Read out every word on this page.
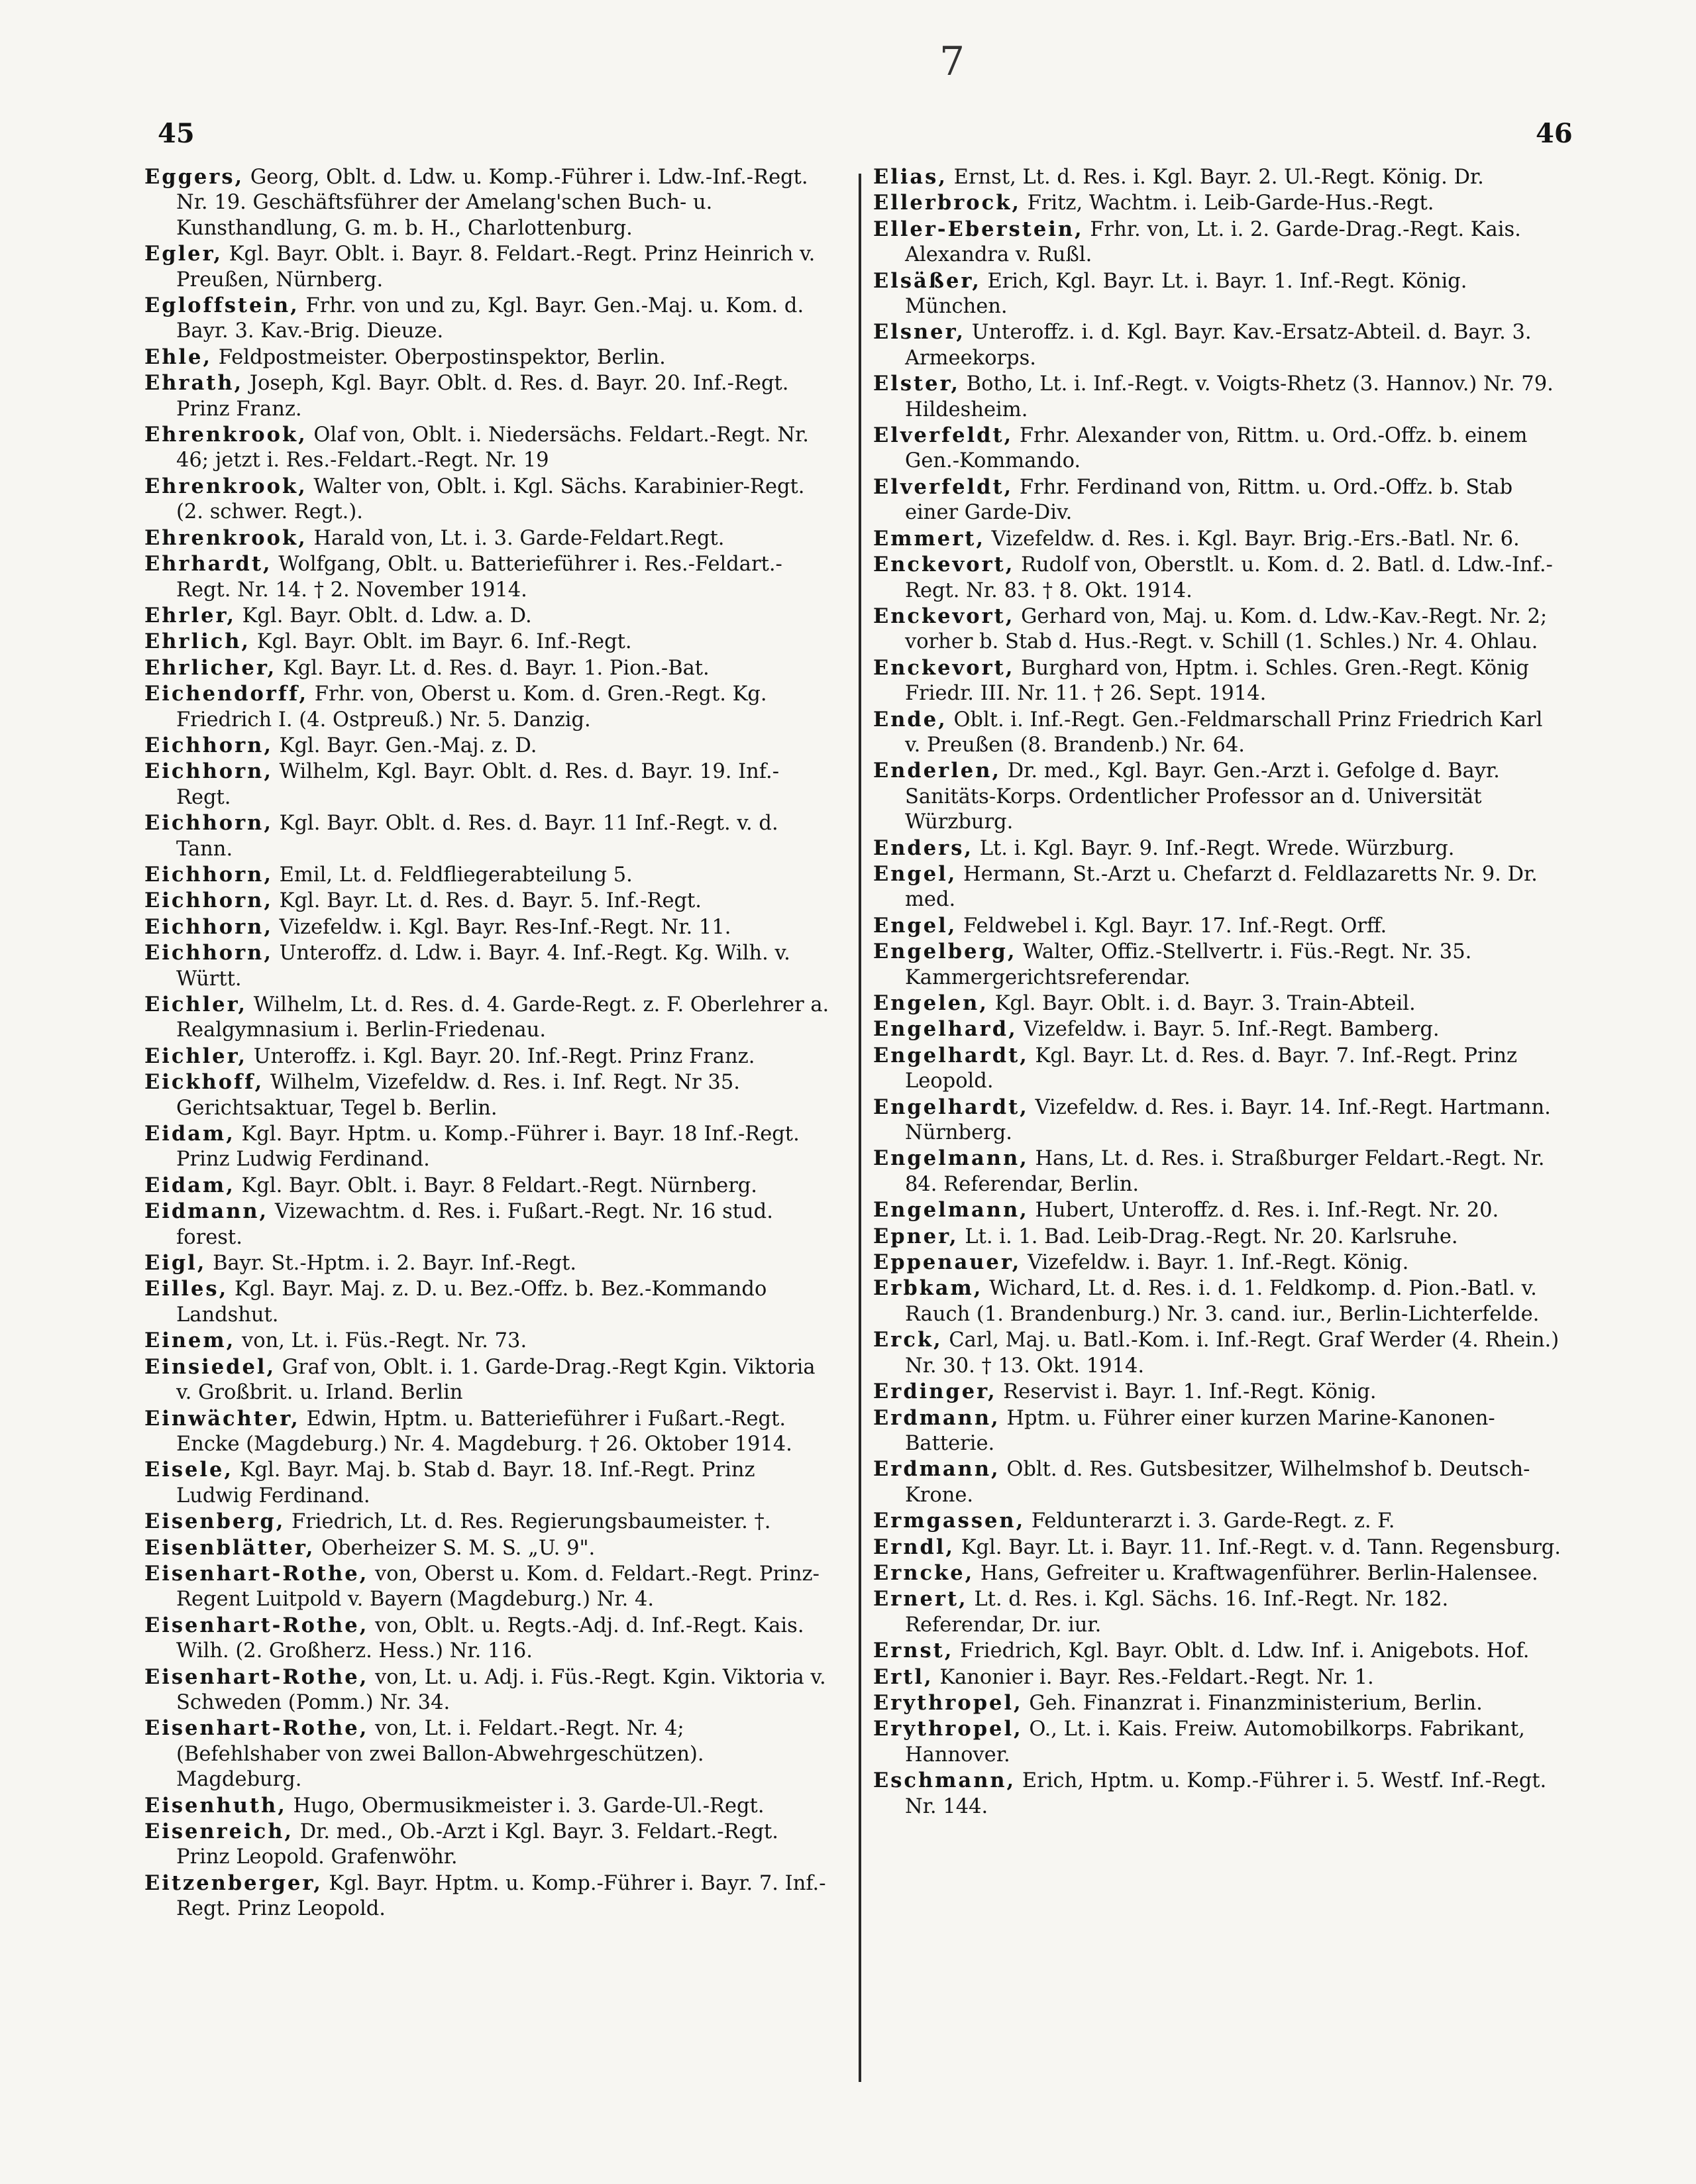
45
7
46

Eggers, Georg, Oblt. d. Ldw. u. Komp.-Führer i. Ldw.-Inf.-Regt. Nr. 19. Geschäftsführer der Amelang'schen Buch- u. Kunsthandlung, G. m. b. H., Charlottenburg.

Egler, Kgl. Bayr. Oblt. i. Bayr. 8. Feldart.-Regt. Prinz Heinrich v. Preußen, Nürnberg.

Egloffstein, Frhr. von und zu, Kgl. Bayr. Gen.-Maj. u. Kom. d. Bayr. 3. Kav.-Brig. Dieuze.

Ehle, Feldpostmeister. Oberpostinspektor, Berlin.

Ehrath, Joseph, Kgl. Bayr. Oblt. d. Res. d. Bayr. 20. Inf.-Regt. Prinz Franz.

Ehrenkrook, Olaf von, Oblt. i. Niedersächs. Feldart.-Regt. Nr. 46; jetzt i. Res.-Feldart.-Regt. Nr. 19

Ehrenkrook, Walter von, Oblt. i. Kgl. Sächs. Karabinier-Regt. (2. schwer. Regt.).

Ehrenkrook, Harald von, Lt. i. 3. Garde-Feldart.Regt.

Ehrhardt, Wolfgang, Oblt. u. Batterieführer i. Res.-Feldart.-Regt. Nr. 14. † 2. November 1914.

Ehrler, Kgl. Bayr. Oblt. d. Ldw. a. D.

Ehrlich, Kgl. Bayr. Oblt. im Bayr. 6. Inf.-Regt.

Ehrlicher, Kgl. Bayr. Lt. d. Res. d. Bayr. 1. Pion.-Bat.

Eichendorff, Frhr. von, Oberst u. Kom. d. Gren.-Regt. Kg. Friedrich I. (4. Ostpreuß.) Nr. 5. Danzig.

Eichhorn, Kgl. Bayr. Gen.-Maj. z. D.

Eichhorn, Wilhelm, Kgl. Bayr. Oblt. d. Res. d. Bayr. 19. Inf.-Regt.

Eichhorn, Kgl. Bayr. Oblt. d. Res. d. Bayr. 11 Inf.-Regt. v. d. Tann.

Eichhorn, Emil, Lt. d. Feldfliegerabteilung 5.

Eichhorn, Kgl. Bayr. Lt. d. Res. d. Bayr. 5. Inf.-Regt.

Eichhorn, Vizefeldw. i. Kgl. Bayr. Res-Inf.-Regt. Nr. 11.

Eichhorn, Unteroffz. d. Ldw. i. Bayr. 4. Inf.-Regt. Kg. Wilh. v. Württ.

Eichler, Wilhelm, Lt. d. Res. d. 4. Garde-Regt. z. F. Oberlehrer a. Realgymnasium i. Berlin-Friedenau.

Eichler, Unteroffz. i. Kgl. Bayr. 20. Inf.-Regt. Prinz Franz.

Eickhoff, Wilhelm, Vizefeldw. d. Res. i. Inf. Regt. Nr 35. Gerichtsaktuar, Tegel b. Berlin.

Eidam, Kgl. Bayr. Hptm. u. Komp.-Führer i. Bayr. 18 Inf.-Regt. Prinz Ludwig Ferdinand.

Eidam, Kgl. Bayr. Oblt. i. Bayr. 8 Feldart.-Regt. Nürnberg.

Eidmann, Vizewachtm. d. Res. i. Fußart.-Regt. Nr. 16 stud. forest.

Eigl, Bayr. St.-Hptm. i. 2. Bayr. Inf.-Regt.

Eilles, Kgl. Bayr. Maj. z. D. u. Bez.-Offz. b. Bez.-Kommando Landshut.

Einem, von, Lt. i. Füs.-Regt. Nr. 73.

Einsiedel, Graf von, Oblt. i. 1. Garde-Drag.-Regt Kgin. Viktoria v. Großbrit. u. Irland. Berlin

Einwächter, Edwin, Hptm. u. Batterieführer i Fußart.-Regt. Encke (Magdeburg.) Nr. 4. Magdeburg. † 26. Oktober 1914.

Eisele, Kgl. Bayr. Maj. b. Stab d. Bayr. 18. Inf.-Regt. Prinz Ludwig Ferdinand.

Eisenberg, Friedrich, Lt. d. Res. Regierungsbaumeister. †.

Eisenblätter, Oberheizer S. M. S. „U. 9".

Eisenhart-Rothe, von, Oberst u. Kom. d. Feldart.-Regt. Prinz-Regent Luitpold v. Bayern (Magdeburg.) Nr. 4.

Eisenhart-Rothe, von, Oblt. u. Regts.-Adj. d. Inf.-Regt. Kais. Wilh. (2. Großherz. Hess.) Nr. 116.

Eisenhart-Rothe, von, Lt. u. Adj. i. Füs.-Regt. Kgin. Viktoria v. Schweden (Pomm.) Nr. 34.

Eisenhart-Rothe, von, Lt. i. Feldart.-Regt. Nr. 4; (Befehlshaber von zwei Ballon-Abwehrgeschützen). Magdeburg.

Eisenhuth, Hugo, Obermusikmeister i. 3. Garde-Ul.-Regt.

Eisenreich, Dr. med., Ob.-Arzt i Kgl. Bayr. 3. Feldart.-Regt. Prinz Leopold. Grafenwöhr.

Eitzenberger, Kgl. Bayr. Hptm. u. Komp.-Führer i. Bayr. 7. Inf.-Regt. Prinz Leopold.

Elias, Ernst, Lt. d. Res. i. Kgl. Bayr. 2. Ul.-Regt. König. Dr.

Ellerbrock, Fritz, Wachtm. i. Leib-Garde-Hus.-Regt.

Eller-Eberstein, Frhr. von, Lt. i. 2. Garde-Drag.-Regt. Kais. Alexandra v. Rußl.

Elsäßer, Erich, Kgl. Bayr. Lt. i. Bayr. 1. Inf.-Regt. König. München.

Elsner, Unteroffz. i. d. Kgl. Bayr. Kav.-Ersatz-Abteil. d. Bayr. 3. Armeekorps.

Elster, Botho, Lt. i. Inf.-Regt. v. Voigts-Rhetz (3. Hannov.) Nr. 79. Hildesheim.

Elverfeldt, Frhr. Alexander von, Rittm. u. Ord.-Offz. b. einem Gen.-Kommando.

Elverfeldt, Frhr. Ferdinand von, Rittm. u. Ord.-Offz. b. Stab einer Garde-Div.

Emmert, Vizefeldw. d. Res. i. Kgl. Bayr. Brig.-Ers.-Batl. Nr. 6.

Enckevort, Rudolf von, Oberstlt. u. Kom. d. 2. Batl. d. Ldw.-Inf.-Regt. Nr. 83. † 8. Okt. 1914.

Enckevort, Gerhard von, Maj. u. Kom. d. Ldw.-Kav.-Regt. Nr. 2; vorher b. Stab d. Hus.-Regt. v. Schill (1. Schles.) Nr. 4. Ohlau.

Enckevort, Burghard von, Hptm. i. Schles. Gren.-Regt. König Friedr. III. Nr. 11. † 26. Sept. 1914.

Ende, Oblt. i. Inf.-Regt. Gen.-Feldmarschall Prinz Friedrich Karl v. Preußen (8. Brandenb.) Nr. 64.

Enderlen, Dr. med., Kgl. Bayr. Gen.-Arzt i. Gefolge d. Bayr. Sanitäts-Korps. Ordentlicher Professor an d. Universität Würzburg.

Enders, Lt. i. Kgl. Bayr. 9. Inf.-Regt. Wrede. Würzburg.

Engel, Hermann, St.-Arzt u. Chefarzt d. Feldlazaretts Nr. 9. Dr. med.

Engel, Feldwebel i. Kgl. Bayr. 17. Inf.-Regt. Orff.

Engelberg, Walter, Offiz.-Stellvertr. i. Füs.-Regt. Nr. 35. Kammergerichtsreferendar.

Engelen, Kgl. Bayr. Oblt. i. d. Bayr. 3. Train-Abteil.

Engelhard, Vizefeldw. i. Bayr. 5. Inf.-Regt. Bamberg.

Engelhardt, Kgl. Bayr. Lt. d. Res. d. Bayr. 7. Inf.-Regt. Prinz Leopold.

Engelhardt, Vizefeldw. d. Res. i. Bayr. 14. Inf.-Regt. Hartmann. Nürnberg.

Engelmann, Hans, Lt. d. Res. i. Straßburger Feldart.-Regt. Nr. 84. Referendar, Berlin.

Engelmann, Hubert, Unteroffz. d. Res. i. Inf.-Regt. Nr. 20.

Epner, Lt. i. 1. Bad. Leib-Drag.-Regt. Nr. 20. Karlsruhe.

Eppenauer, Vizefeldw. i. Bayr. 1. Inf.-Regt. König.

Erbkam, Wichard, Lt. d. Res. i. d. 1. Feldkomp. d. Pion.-Batl. v. Rauch (1. Brandenburg.) Nr. 3. cand. iur., Berlin-Lichterfelde.

Erck, Carl, Maj. u. Batl.-Kom. i. Inf.-Regt. Graf Werder (4. Rhein.) Nr. 30. † 13. Okt. 1914.

Erdinger, Reservist i. Bayr. 1. Inf.-Regt. König.

Erdmann, Hptm. u. Führer einer kurzen Marine-Kanonen-Batterie.

Erdmann, Oblt. d. Res. Gutsbesitzer, Wilhelmshof b. Deutsch-Krone.

Ermgassen, Feldunterarzt i. 3. Garde-Regt. z. F.

Erndl, Kgl. Bayr. Lt. i. Bayr. 11. Inf.-Regt. v. d. Tann. Regensburg.

Erncke, Hans, Gefreiter u. Kraftwagenführer. Berlin-Halensee.

Ernert, Lt. d. Res. i. Kgl. Sächs. 16. Inf.-Regt. Nr. 182. Referendar, Dr. iur.

Ernst, Friedrich, Kgl. Bayr. Oblt. d. Ldw. Inf. i. Anigebots. Hof.

Ertl, Kanonier i. Bayr. Res.-Feldart.-Regt. Nr. 1.

Erythropel, Geh. Finanzrat i. Finanzministerium, Berlin.

Erythropel, O., Lt. i. Kais. Freiw. Automobilkorps. Fabrikant, Hannover.

Eschmann, Erich, Hptm. u. Komp.-Führer i. 5. Westf. Inf.-Regt. Nr. 144.
